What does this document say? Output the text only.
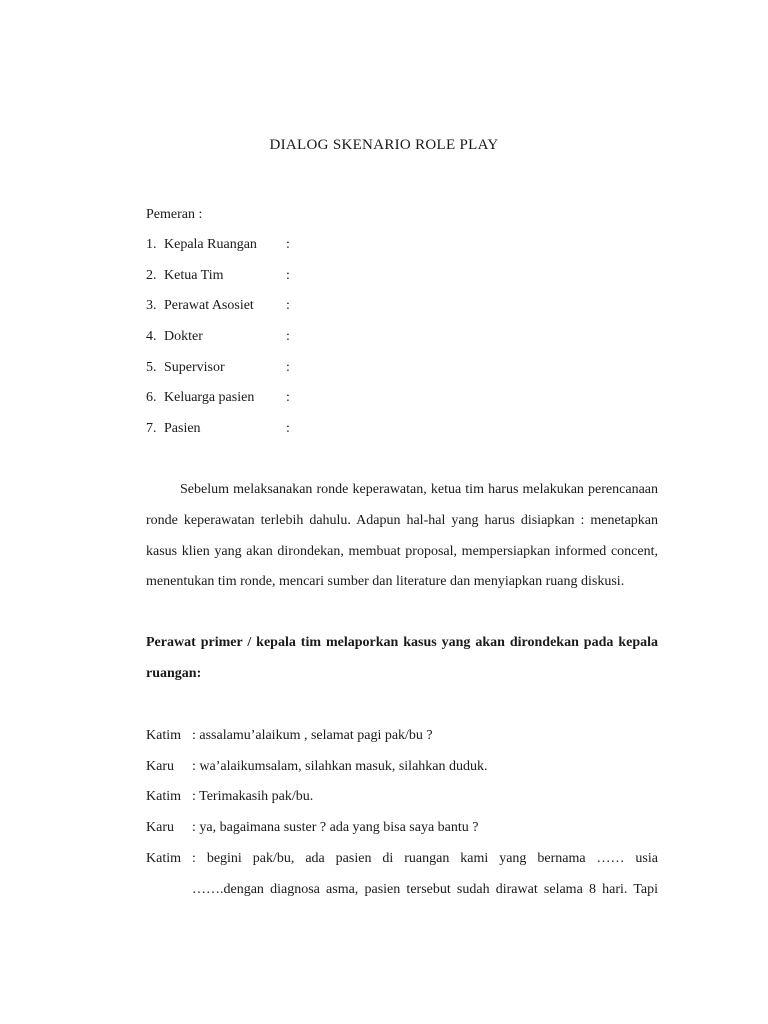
DIALOG SKENARIO ROLE PLAY
Pemeran :
1. Kepala Ruangan :
2. Ketua Tim	:
3. Perawat Asosiet :
4. Dokter	:
5. Supervisor	:
6. Keluarga pasien :
7. Pasien	:
Sebelum melaksanakan ronde keperawatan, ketua tim harus melakukan perencanaan
ronde keperawatan terlebih dahulu. Adapun hal-hal yang harus disiapkan : menetapkan
kasus klien yang akan dirondekan, membuat proposal, mempersiapkan informed concent,
menentukan tim ronde, mencari sumber dan literature dan menyiapkan ruang diskusi.
Perawat primer / kepala tim melaporkan kasus yang akan dirondekan pada kepala
ruangan:
Katim : assalamu’alaikum , selamat pagi pak/bu ?
Karu : wa’alaikumsalam, silahkan masuk, silahkan duduk.
Katim : Terimakasih pak/bu.
Karu : ya, bagaimana suster ? ada yang bisa saya bantu ?
Katim : begini pak/bu, ada pasien di ruangan kami yang bernama …… usia
…….dengan diagnosa asma, pasien tersebut sudah dirawat selama 8 hari. Tapi
